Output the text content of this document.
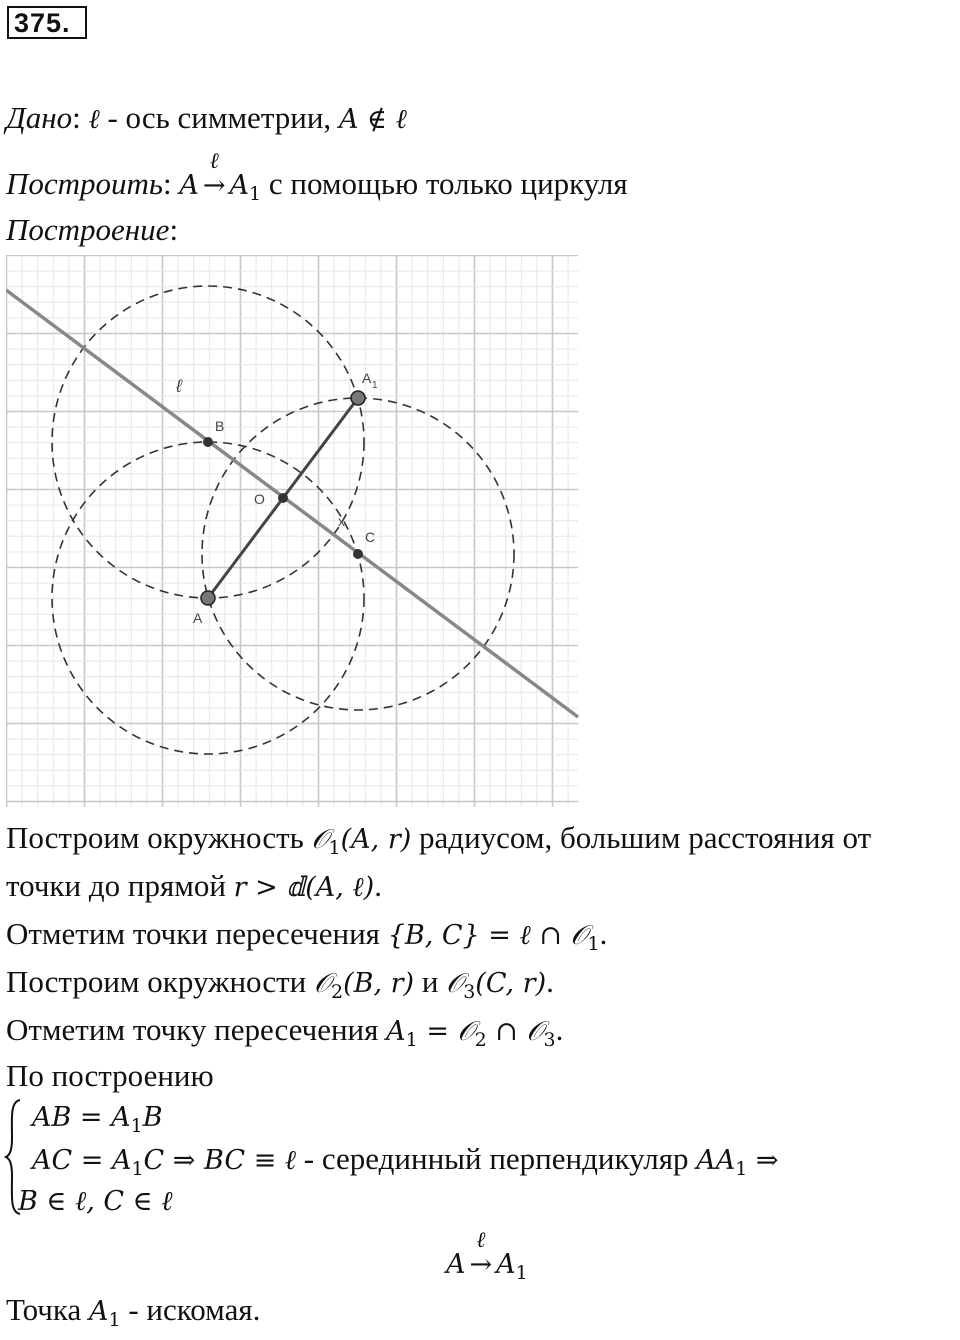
375.
Дано: ℓ - ось симметрии, A ∉ ℓ
Построить: A
ℓ
→ $A_1$ с помощью только циркуля
Построение:
ℓ
A
A 1
B
C
O
x
Построим окружность 𝒪$_1$(A, r) радиусом, большим расстояния от
точки до прямой r > 𝕕(A, ℓ).
Отметим точки пересечения {B, C} = ℓ ∩ 𝒪$_1$.
Построим окружности 𝒪$_2$(B, r) и 𝒪$_3$(C, r).
Отметим точку пересечения $A_1$ = 𝒪$_2$ ∩ 𝒪$_3$.
По построению
AB = $A_1B$
AC = $A_1C$ ⇒ BC ≡ ℓ - серединный перпендикуляр $AA_1$ ⇒
B ∈ ℓ, C ∈ ℓ
A
ℓ
→ $A_1$
Точка $A_1$ - искомая.
